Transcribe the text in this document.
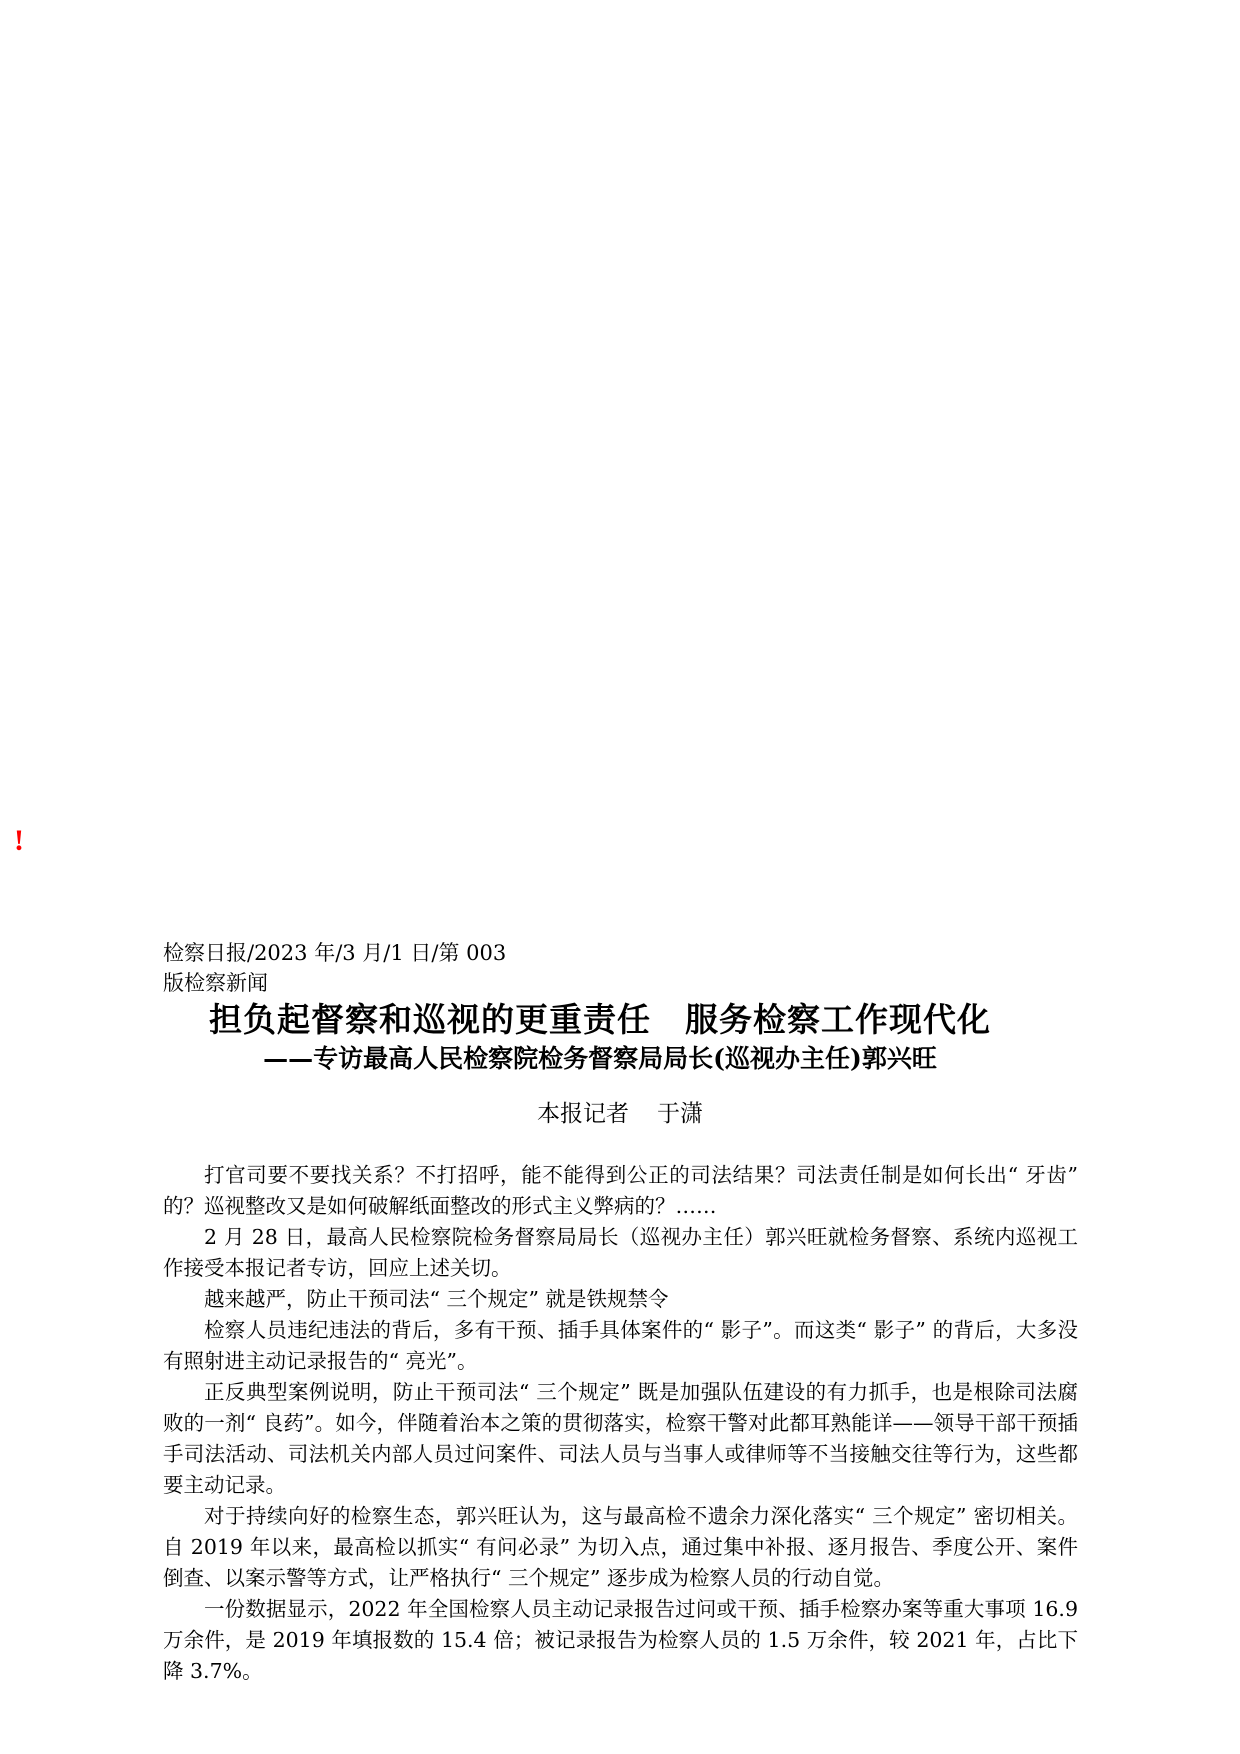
!
检察日报/2023 年/3 月/1 日/第 003 版检察新闻
担负起督察和巡视的更重责任　服务检察工作现代化
——专访最高人民检察院检务督察局局长(巡视办主任)郭兴旺
本报记者 于潇

打官司要不要找关系？不打招呼，能不能得到公正的司法结果？司法责任制是如何长出“ 牙齿” 的？巡视整改又是如何破解纸面整改的形式主义弊病的？……

2 月 28 日，最高人民检察院检务督察局局长（巡视办主任）郭兴旺就检务督察、系统内巡视工作接受本报记者专访，回应上述关切。

越来越严，防止干预司法“ 三个规定” 就是铁规禁令

检察人员违纪违法的背后，多有干预、插手具体案件的“ 影子”。而这类“ 影子” 的背后，大多没有照射进主动记录报告的“ 亮光”。

正反典型案例说明，防止干预司法“ 三个规定” 既是加强队伍建设的有力抓手，也是根除司法腐败的一剂“ 良药”。如今，伴随着治本之策的贯彻落实，检察干警对此都耳熟能详——领导干部干预插手司法活动、司法机关内部人员过问案件、司法人员与当事人或律师等不当接触交往等行为，这些都要主动记录。

对于持续向好的检察生态，郭兴旺认为，这与最高检不遗余力深化落实“ 三个规定” 密切相关。自 2019 年以来，最高检以抓实“ 有问必录” 为切入点，通过集中补报、逐月报告、季度公开、案件倒查、以案示警等方式，让严格执行“ 三个规定” 逐步成为检察人员的行动自觉。

一份数据显示，2022 年全国检察人员主动记录报告过问或干预、插手检察办案等重大事项 16.9 万余件，是 2019 年填报数的 15.4 倍；被记录报告为检察人员的 1.5 万余件，较 2021 年，占比下降 3.7%。
